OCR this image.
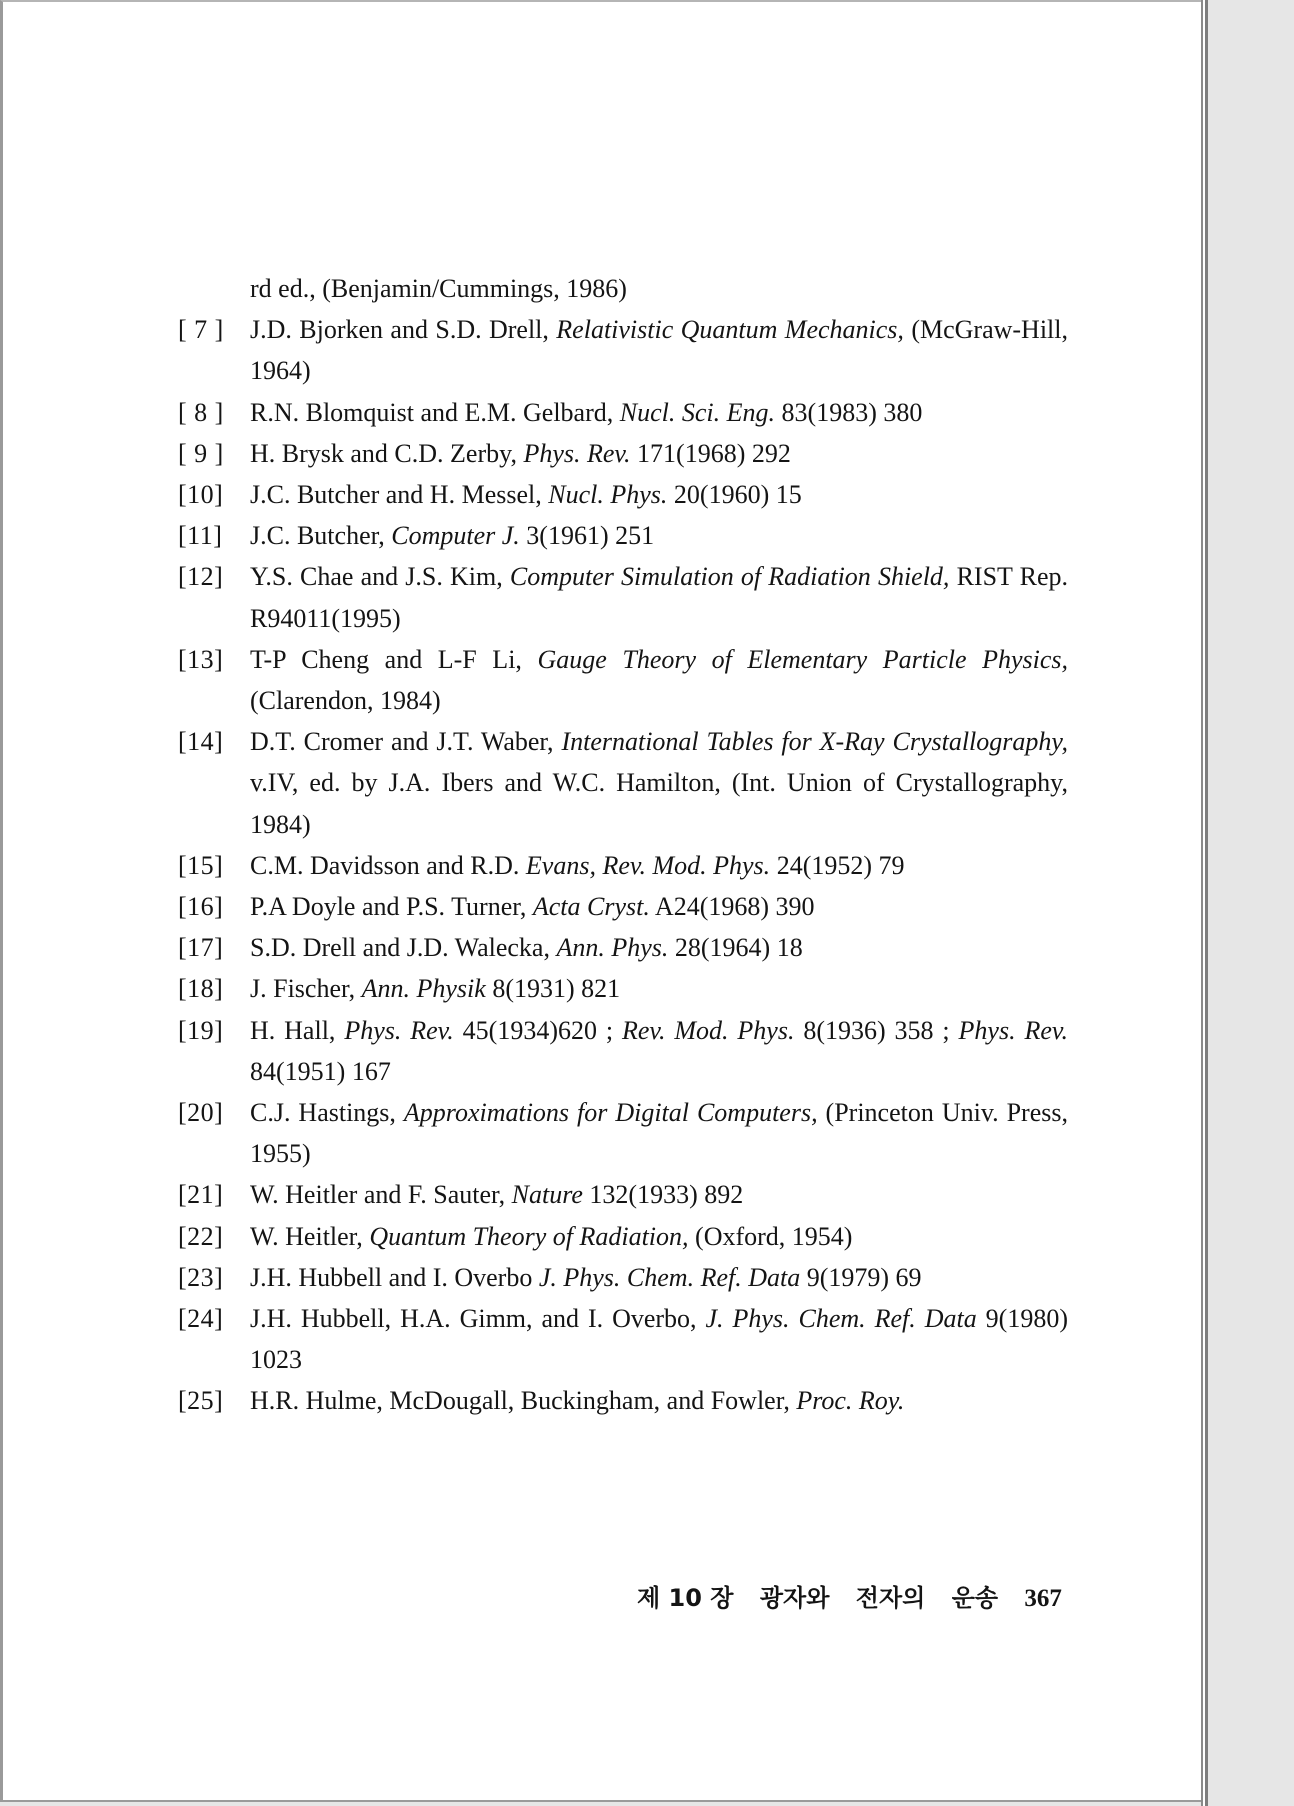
rd ed., (Benjamin/Cummings, 1986)
[ 7 ]	J.D. Bjorken and S.D. Drell, Relativistic Quantum Mechanics, (McGraw-Hill, 1964)
[ 8 ]	R.N. Blomquist and E.M. Gelbard, Nucl. Sci. Eng. 83(1983) 380
[ 9 ]	H. Brysk and C.D. Zerby, Phys. Rev. 171(1968) 292
[10]	J.C. Butcher and H. Messel, Nucl. Phys. 20(1960) 15
[11]	J.C. Butcher, Computer J. 3(1961) 251
[12]	Y.S. Chae and J.S. Kim, Computer Simulation of Radiation Shield, RIST Rep. R94011(1995)
[13]	T-P Cheng and L-F Li, Gauge Theory of Elementary Particle Physics, (Clarendon, 1984)
[14]	D.T. Cromer and J.T. Waber, International Tables for X-Ray Crystallography, v.IV, ed. by J.A. Ibers and W.C. Hamilton, (Int. Union of Crystallography, 1984)
[15]	C.M. Davidsson and R.D. Evans, Rev. Mod. Phys. 24(1952) 79
[16]	P.A Doyle and P.S. Turner, Acta Cryst. A24(1968) 390
[17]	S.D. Drell and J.D. Walecka, Ann. Phys. 28(1964) 18
[18]	J. Fischer, Ann. Physik 8(1931) 821
[19]	H. Hall, Phys. Rev. 45(1934)620 ; Rev. Mod. Phys. 8(1936) 358 ; Phys. Rev. 84(1951) 167
[20]	C.J. Hastings, Approximations for Digital Computers, (Princeton Univ. Press, 1955)
[21]	W. Heitler and F. Sauter, Nature 132(1933) 892
[22]	W. Heitler, Quantum Theory of Radiation, (Oxford, 1954)
[23]	J.H. Hubbell and I. Overbo J. Phys. Chem. Ref. Data 9(1979) 69
[24]	J.H. Hubbell, H.A. Gimm, and I. Overbo, J. Phys. Chem. Ref. Data 9(1980) 1023
[25]	H.R. Hulme, McDougall, Buckingham, and Fowler, Proc. Roy.
제 10 장 광자와 전자의 운송 367
